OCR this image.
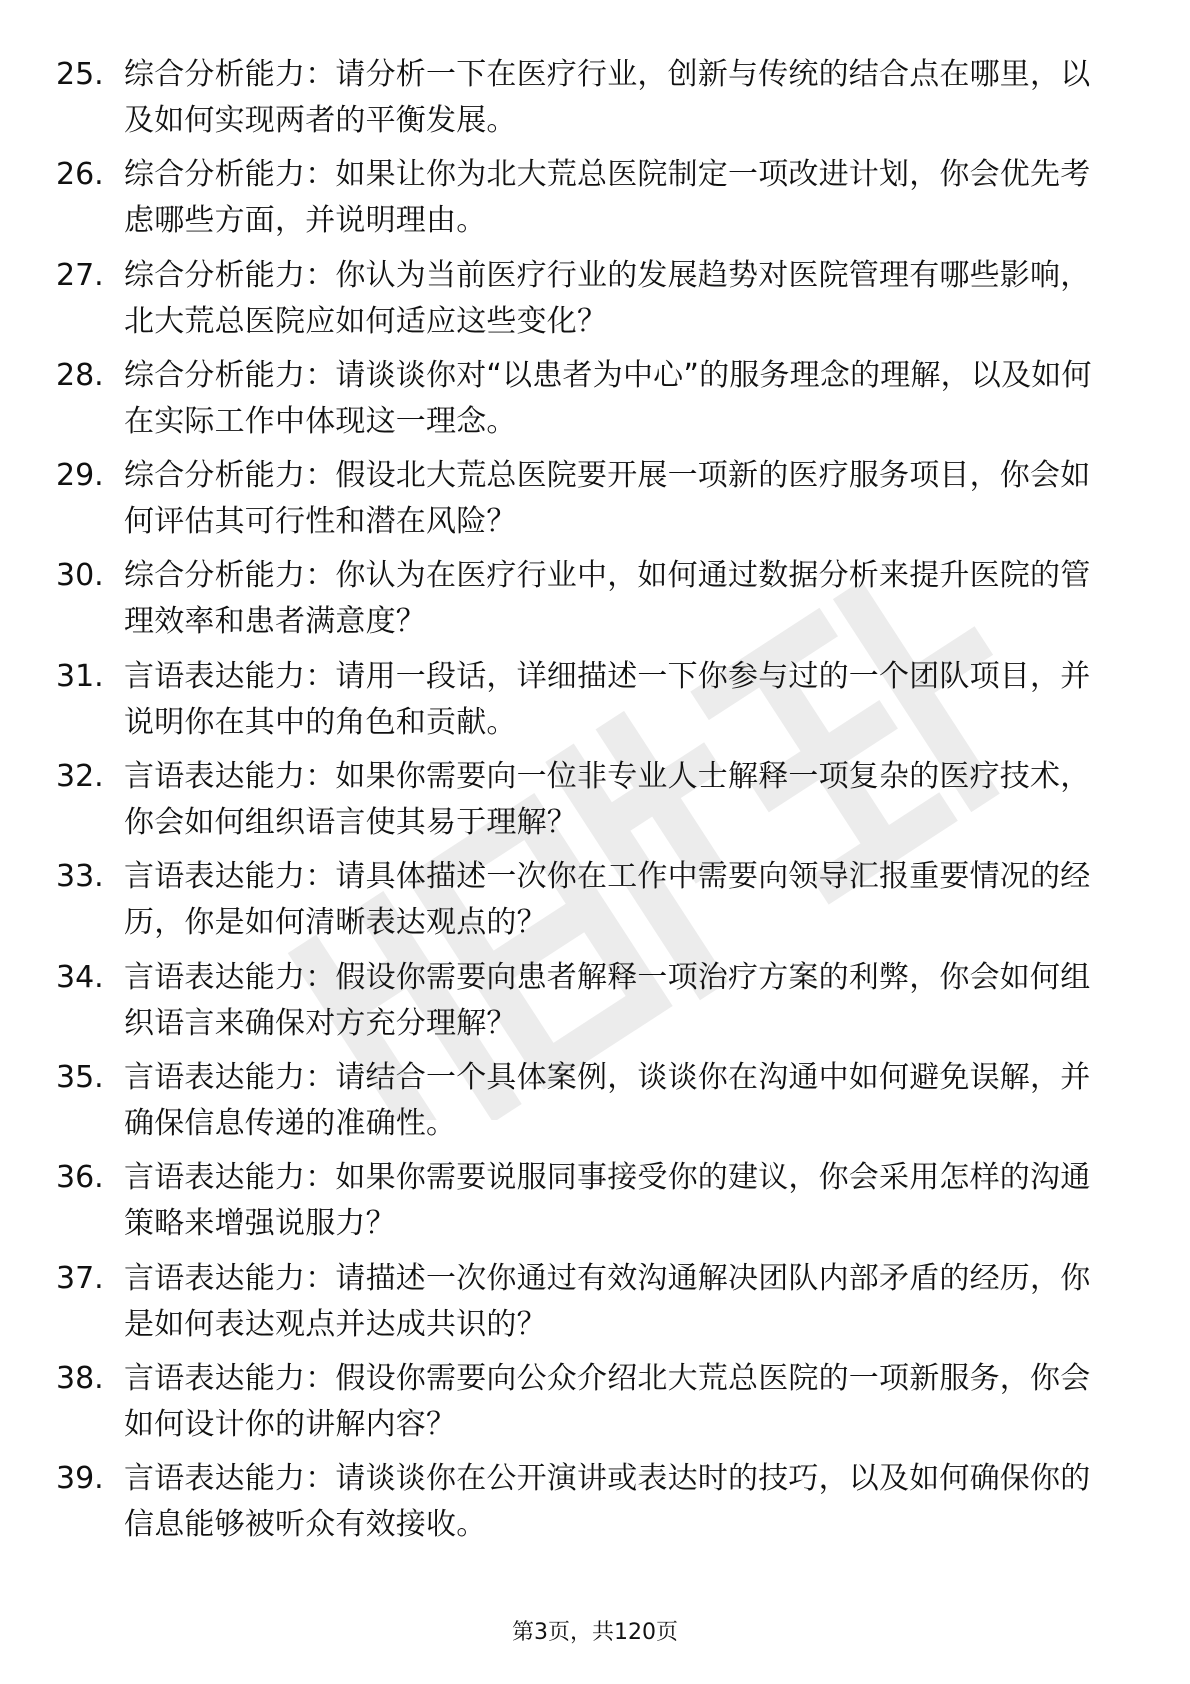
25. 综合分析能力：请分析一下在医疗行业，创新与传统的结合点在哪里，以及如何实现两者的平衡发展。
26. 综合分析能力：如果让你为北大荒总医院制定一项改进计划，你会优先考虑哪些方面，并说明理由。
27. 综合分析能力：你认为当前医疗行业的发展趋势对医院管理有哪些影响，北大荒总医院应如何适应这些变化？
28. 综合分析能力：请谈谈你对“以患者为中心”的服务理念的理解，以及如何在实际工作中体现这一理念。
29. 综合分析能力：假设北大荒总医院要开展一项新的医疗服务项目，你会如何评估其可行性和潜在风险？
30. 综合分析能力：你认为在医疗行业中，如何通过数据分析来提升医院的管理效率和患者满意度？
31. 言语表达能力：请用一段话，详细描述一下你参与过的一个团队项目，并说明你在其中的角色和贡献。
32. 言语表达能力：如果你需要向一位非专业人士解释一项复杂的医疗技术，你会如何组织语言使其易于理解？
33. 言语表达能力：请具体描述一次你在工作中需要向领导汇报重要情况的经历，你是如何清晰表达观点的？
34. 言语表达能力：假设你需要向患者解释一项治疗方案的利弊，你会如何组织语言来确保对方充分理解？
35. 言语表达能力：请结合一个具体案例，谈谈你在沟通中如何避免误解，并确保信息传递的准确性。
36. 言语表达能力：如果你需要说服同事接受你的建议，你会采用怎样的沟通策略来增强说服力？
37. 言语表达能力：请描述一次你通过有效沟通解决团队内部矛盾的经历，你是如何表达观点并达成共识的？
38. 言语表达能力：假设你需要向公众介绍北大荒总医院的一项新服务，你会如何设计你的讲解内容？
39. 言语表达能力：请谈谈你在公开演讲或表达时的技巧，以及如何确保你的信息能够被听众有效接收。
第3页，共120页
